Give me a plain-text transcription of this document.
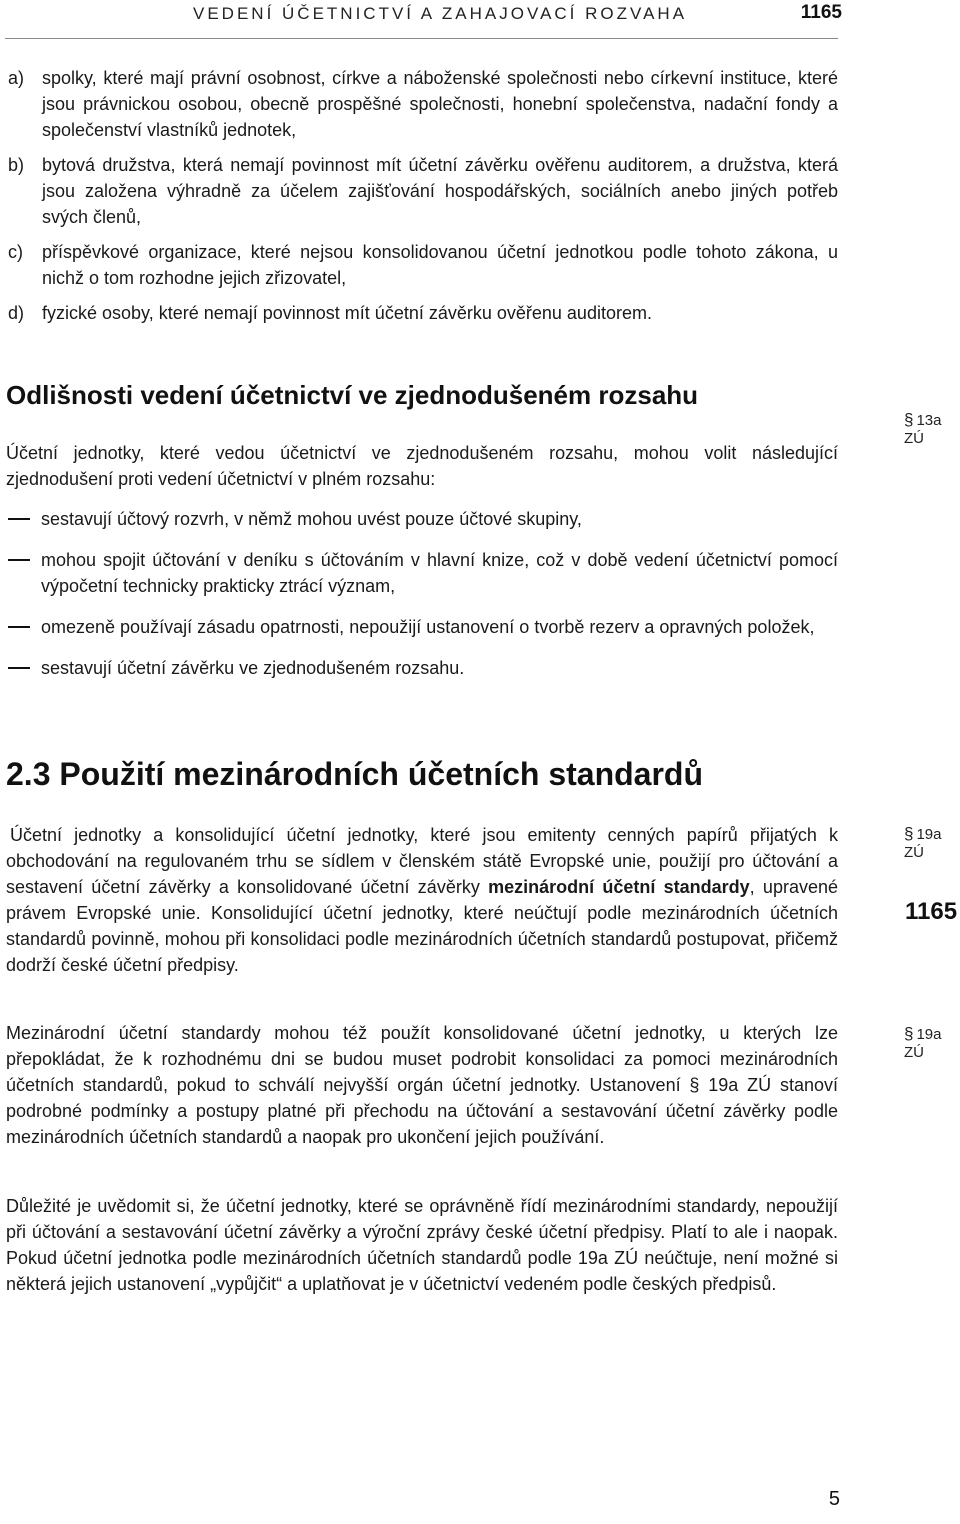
VEDENÍ ÚČETNICTVÍ A ZAHAJOVACÍ ROZVAHA	1165
a) spolky, které mají právní osobnost, církve a náboženské společnosti nebo církevní instituce, které jsou právnickou osobou, obecně prospěšné společnosti, honební společenstva, nadační fondy a společenství vlastníků jednotek,
b) bytová družstva, která nemají povinnost mít účetní závěrku ověřenu auditorem, a družstva, která jsou založena výhradně za účelem zajišťování hospodářských, sociálních anebo jiných potřeb svých členů,
c) příspěvkové organizace, které nejsou konsolidovanou účetní jednotkou podle tohoto zákona, u nichž o tom rozhodne jejich zřizovatel,
d) fyzické osoby, které nemají povinnost mít účetní závěrku ověřenu auditorem.
Odlišnosti vedení účetnictví ve zjednodušeném rozsahu
§ 13a ZÚ

Účetní jednotky, které vedou účetnictví ve zjednodušeném rozsahu, mohou volit následující zjednodušení proti vedení účetnictví v plném rozsahu:

sestavují účtový rozvrh, v němž mohou uvést pouze účtové skupiny,
mohou spojit účtování v deníku s účtováním v hlavní knize, což v době vedení účetnictví pomocí výpočetní technicky prakticky ztrácí význam,
omezeně používají zásadu opatrnosti, nepoužijí ustanovení o tvorbě rezerv a opravných položek,
sestavují účetní závěrku ve zjednodušeném rozsahu.
2.3 Použití mezinárodních účetních standardů

Účetní jednotky a konsolidující účetní jednotky, které jsou emitenty cenných papírů přijatých k obchodování na regulovaném trhu se sídlem v členském státě Evropské unie, použijí pro účtování a sestavení účetní závěrky a konsolidované účetní závěrky mezinárodní účetní standardy, upravené právem Evropské unie. Konsolidující účetní jednotky, které neúčtují podle mezinárodních účetních standardů povinně, mohou při konsolidaci podle mezinárodních účetních standardů postupovat, přičemž dodrží české účetní předpisy.

§ 19a ZÚ
1165

Mezinárodní účetní standardy mohou též použít konsolidované účetní jednotky, u kterých lze přepokládat, že k rozhodnému dni se budou muset podrobit konsolidaci za pomoci mezinárodních účetních standardů, pokud to schválí nejvyšší orgán účetní jednotky. Ustanovení § 19a ZÚ stanoví podrobné podmínky a postupy platné při přechodu na účtování a sestavování účetní závěrky podle mezinárodních účetních standardů a naopak pro ukončení jejich používání.

§ 19a ZÚ

Důležité je uvědomit si, že účetní jednotky, které se oprávněně řídí mezinárodními standardy, nepoužijí při účtování a sestavování účetní závěrky a výroční zprávy české účetní předpisy. Platí to ale i naopak. Pokud účetní jednotka podle mezinárodních účetních standardů podle 19a ZÚ neúčtuje, není možné si některá jejich ustanovení „vypůjčit“ a uplatňovat je v účetnictví vedeném podle českých předpisů.

5
